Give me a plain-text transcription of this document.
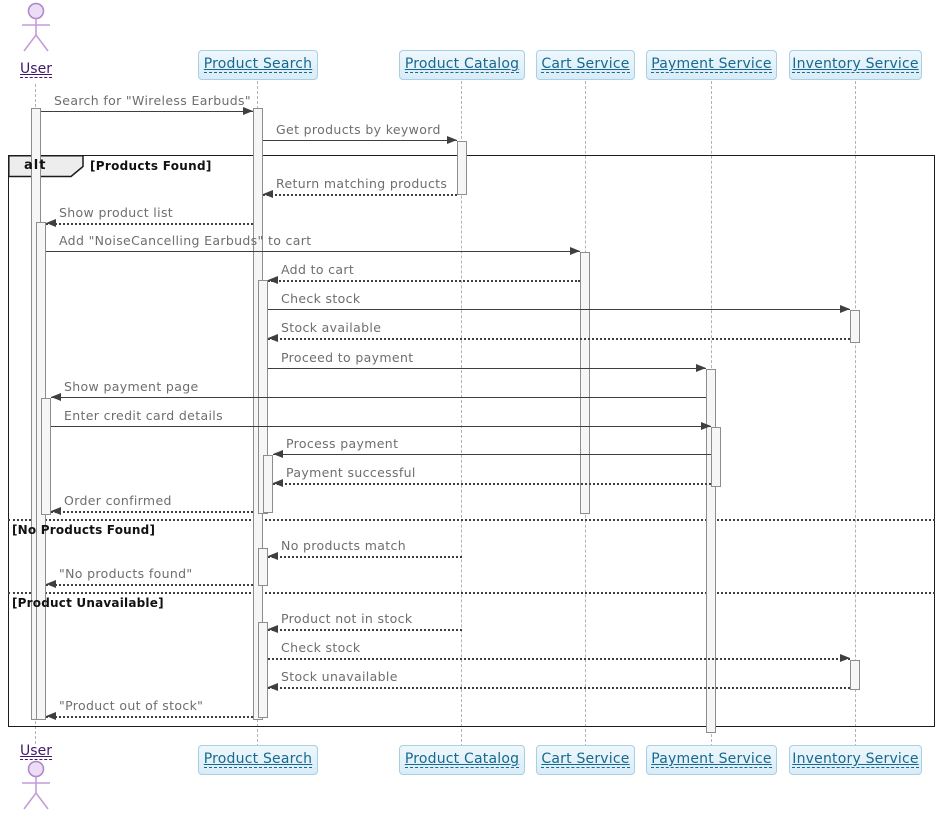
User
User
alt	[Products Found]
[No Products Found]
[Product Unavailable]
Search for "Wireless Earbuds"
Get products by keyword
Return matching products
Show product list
Add "NoiseCancelling Earbuds" to cart
Add to cart
Check stock
Stock available
Proceed to payment
Show payment page
Enter credit card details
Process payment
Payment successful
Order confirmed
No products match
"No products found"
Product not in stock
Check stock
Stock unavailable
"Product out of stock"
Product Search
Product Search
Product Catalog
Product Catalog
Cart Service
Cart Service
Payment Service
Payment Service
Inventory Service
Inventory Service
